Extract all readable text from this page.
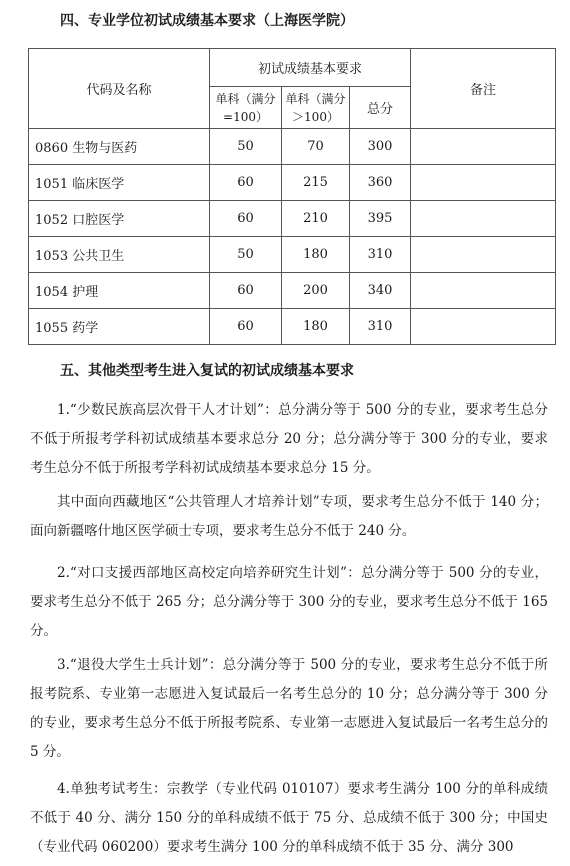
四、专业学位初试成绩基本要求（上海医学院）
代码及名称	初试成绩基本要求			备注

	单科（满分=100）	单科（满分＞100）	总分	
0860 生物与医药	50	70	300	
1051 临床医学	60	215	360	
1052 口腔医学	60	210	395	
1053 公共卫生	50	180	310	
1054 护理	60	200	340	
1055 药学	60	180	310	
五、其他类型考生进入复试的初试成绩基本要求

1.“少数民族高层次骨干人才计划”：总分满分等于 500 分的专业，要求考生总分不低于所报考学科初试成绩基本要求总分 20 分；总分满分等于 300 分的专业，要求考生总分不低于所报考学科初试成绩基本要求总分 15 分。

其中面向西藏地区“公共管理人才培养计划”专项，要求考生总分不低于 140 分；面向新疆喀什地区医学硕士专项，要求考生总分不低于 240 分。

2.“对口支援西部地区高校定向培养研究生计划”：总分满分等于 500 分的专业，要求考生总分不低于 265 分；总分满分等于 300 分的专业，要求考生总分不低于 165 分。

3.“退役大学生士兵计划”：总分满分等于 500 分的专业，要求考生总分不低于所报考院系、专业第一志愿进入复试最后一名考生总分的 10 分；总分满分等于 300 分的专业，要求考生总分不低于所报考院系、专业第一志愿进入复试最后一名考生总分的 5 分。

4.单独考试考生：宗教学（专业代码 010107）要求考生满分 100 分的单科成绩不低于 40 分、满分 150 分的单科成绩不低于 75 分、总成绩不低于 300 分；中国史（专业代码 060200）要求考生满分 100 分的单科成绩不低于 35 分、满分 300
